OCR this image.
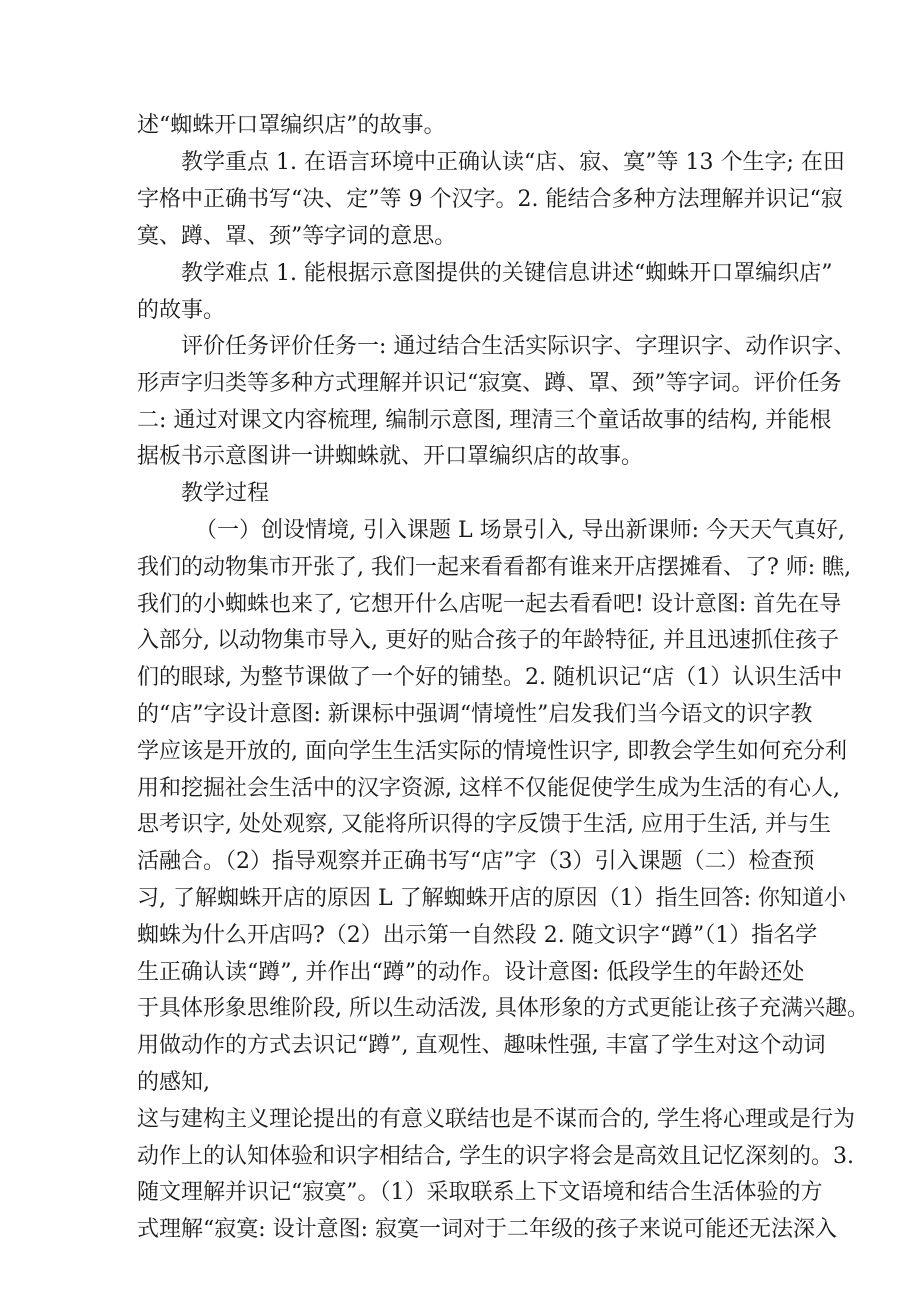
述“蜘蛛开口罩编织店”的故事。
教学重点 1. 在语言环境中正确认读“店、寂、寞”等 13 个生字; 在田
字格中正确书写“决、定”等 9 个汉字。2. 能结合多种方法理解并识记“寂
寞、蹲、罩、颈”等字词的意思。
教学难点 1. 能根据示意图提供的关键信息讲述“蜘蛛开口罩编织店”
的故事。
评价任务评价任务一: 通过结合生活实际识字、字理识字、动作识字、
形声字归类等多种方式理解并识记“寂寞、蹲、罩、颈”等字词。评价任务
二: 通过对课文内容梳理, 编制示意图, 理清三个童话故事的结构, 并能根
据板书示意图讲一讲蜘蛛就、开口罩编织店的故事。
教学过程
（一）创设情境, 引入课题 L 场景引入, 导出新课师: 今天天气真好,
我们的动物集市开张了, 我们一起来看看都有谁来开店摆摊看、了? 师: 瞧,
我们的小蜘蛛也来了, 它想开什么店呢一起去看看吧! 设计意图: 首先在导
入部分, 以动物集市导入, 更好的贴合孩子的年龄特征, 并且迅速抓住孩子
们的眼球, 为整节课做了一个好的铺垫。2. 随机识记“店（1）认识生活中
的“店”字设计意图: 新课标中强调“情境性”启发我们当今语文的识字教
学应该是开放的, 面向学生生活实际的情境性识字, 即教会学生如何充分利
用和挖掘社会生活中的汉字资源, 这样不仅能促使学生成为生活的有心人,
思考识字, 处处观察, 又能将所识得的字反馈于生活, 应用于生活, 并与生
活融合。（2）指导观察并正确书写“店”字（3）引入课题（二）检查预
习, 了解蜘蛛开店的原因 L 了解蜘蛛开店的原因（1）指生回答: 你知道小
蜘蛛为什么开店吗?（2）出示第一自然段 2. 随文识字“蹲”（1）指名学
生正确认读“蹲”, 并作出“蹲”的动作。设计意图: 低段学生的年龄还处
于具体形象思维阶段, 所以生动活泼, 具体形象的方式更能让孩子充满兴趣。
用做动作的方式去识记“蹲”, 直观性、趣味性强, 丰富了学生对这个动词
的感知,
这与建构主义理论提出的有意义联结也是不谋而合的, 学生将心理或是行为
动作上的认知体验和识字相结合, 学生的识字将会是高效且记忆深刻的。3.
随文理解并识记“寂寞”。（1）采取联系上下文语境和结合生活体验的方
式理解“寂寞: 设计意图: 寂寞一词对于二年级的孩子来说可能还无法深入
